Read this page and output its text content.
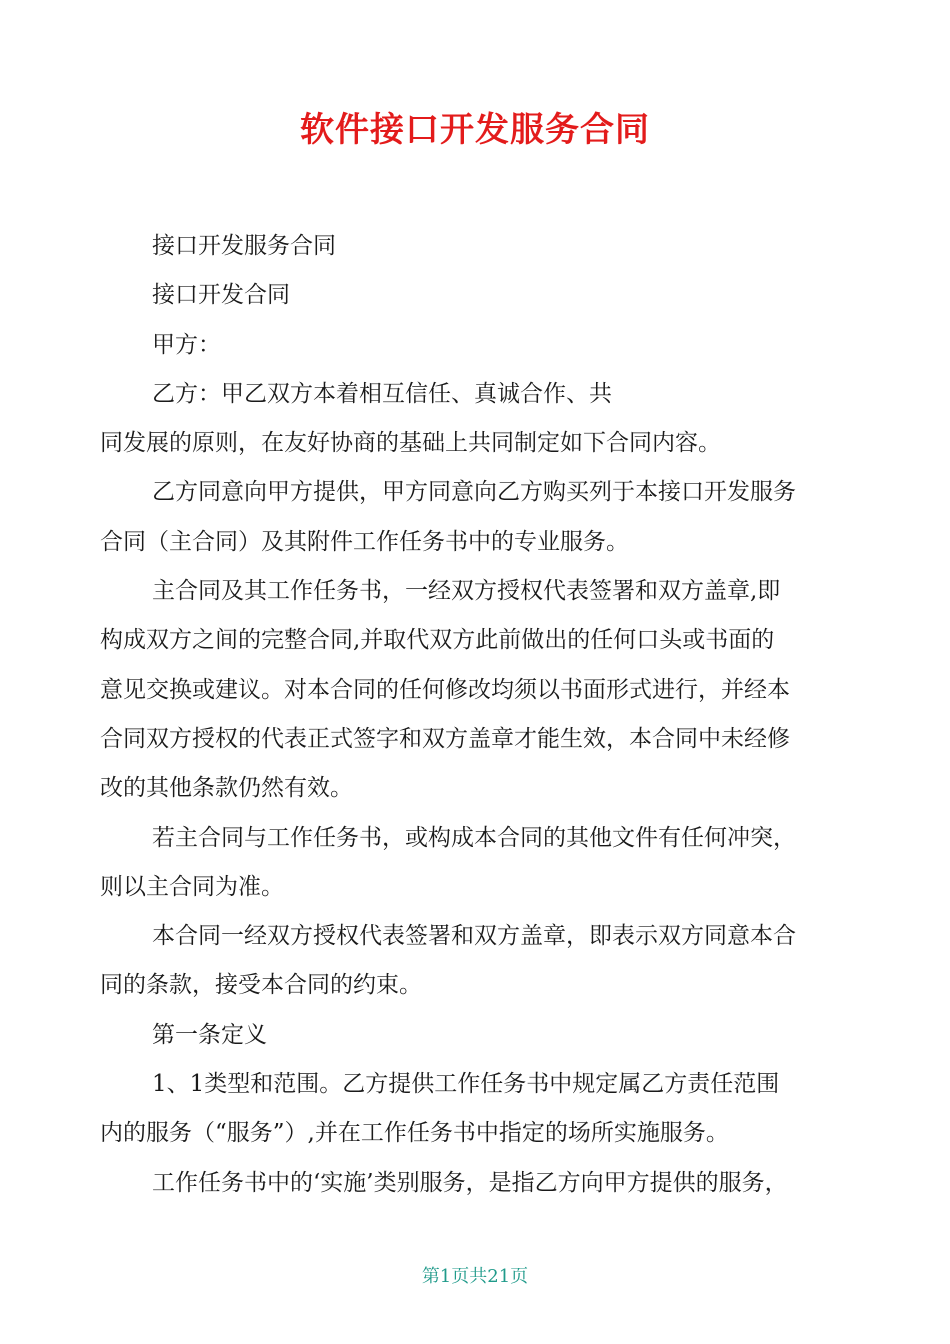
软件接口开发服务合同

接口开发服务合同

接口开发合同

甲方：

乙方：甲乙双方本着相互信任、真诚合作、共

同发展的原则，在友好协商的基础上共同制定如下合同内容。

乙方同意向甲方提供，甲方同意向乙方购买列于本接口开发服务

合同（主合同）及其附件工作任务书中的专业服务。

主合同及其工作任务书，一经双方授权代表签署和双方盖章,即

构成双方之间的完整合同,并取代双方此前做出的任何口头或书面的

意见交换或建议。对本合同的任何修改均须以书面形式进行，并经本

合同双方授权的代表正式签字和双方盖章才能生效，本合同中未经修

改的其他条款仍然有效。

若主合同与工作任务书，或构成本合同的其他文件有任何冲突，

则以主合同为准。

本合同一经双方授权代表签署和双方盖章，即表示双方同意本合

同的条款，接受本合同的约束。

第一条定义

1、1类型和范围。乙方提供工作任务书中规定属乙方责任范围

内的服务（“服务”）,并在工作任务书中指定的场所实施服务。

工作任务书中的‘实施’类别服务，是指乙方向甲方提供的服务，

第1页共21页
